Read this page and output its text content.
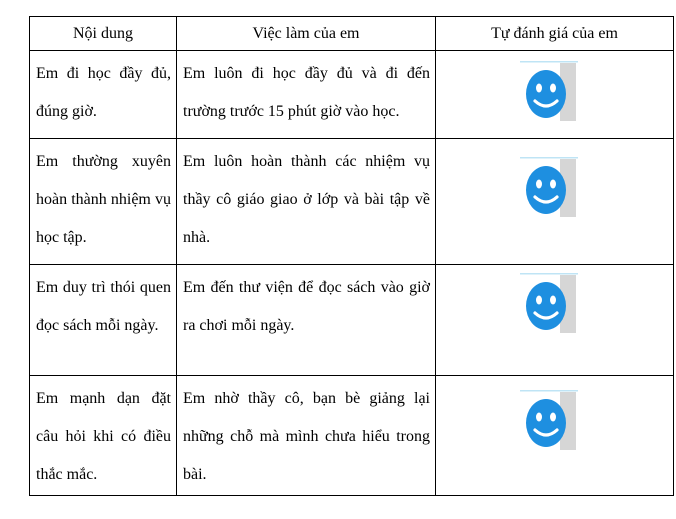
Nội dung	Việc làm của em	Tự đánh giá của em

Em đi học đầy đủ, đúng giờ.	Em luôn đi học đầy đủ và đi đến trường trước 15 phút giờ vào học.

Em thường xuyên hoàn thành nhiệm vụ học tập.	Em luôn hoàn thành các nhiệm vụ thầy cô giáo giao ở lớp và bài tập về nhà.

Em duy trì thói quen đọc sách mỗi ngày.	Em đến thư viện để đọc sách vào giờ ra chơi mỗi ngày.

Em mạnh dạn đặt câu hỏi khi có điều thắc mắc.	Em nhờ thầy cô, bạn bè giảng lại những chỗ mà mình chưa hiểu trong bài.
